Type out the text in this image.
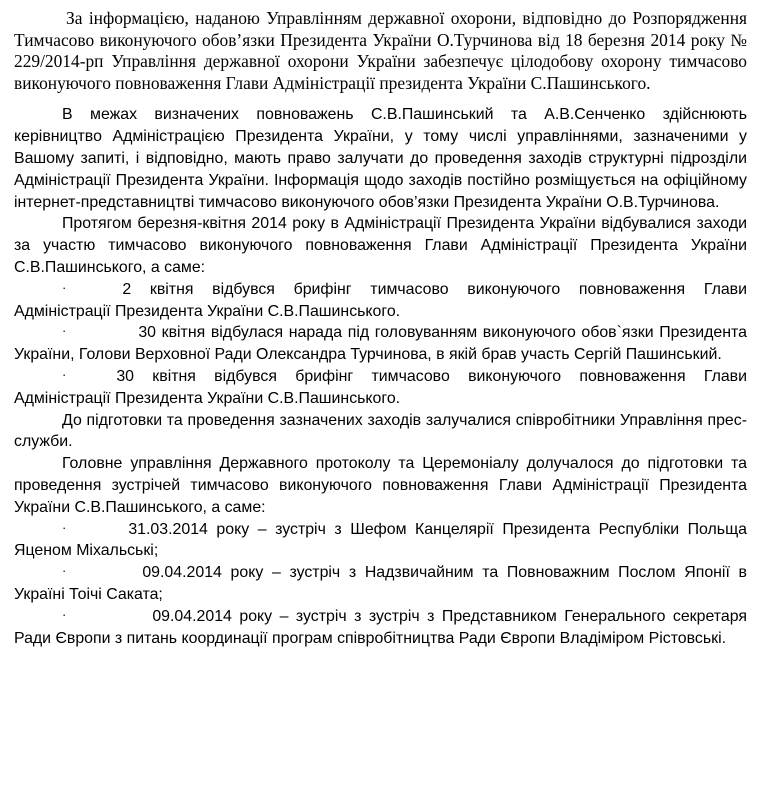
За інформацією, наданою Управлінням державної охорони, відповідно до Розпорядження Тимчасово виконуючого обов’язки Президента України О.Турчинова від 18 березня 2014 року № 229/2014-рп Управління державної охорони України забезпечує цілодобову охорону тимчасово виконуючого повноваження Глави Адміністрації президента України С.Пашинського.

В межах визначених повноважень С.В.Пашинський та А.В.Сенченко здійснюють керівництво Адміністрацією Президента України, у тому числі управліннями, зазначеними у Вашому запиті, і відповідно, мають право залучати до проведення заходів структурні підрозділи Адміністрації Президента України. Інформація щодо заходів постійно розміщується на офіційному інтернет-представництві тимчасово виконуючого обов’язки Президента України О.В.Турчинова.

Протягом березня-квітня 2014 року в Адміністрації Президента України відбувалися заходи за участю тимчасово виконуючого повноваження Глави Адміністрації Президента України С.В.Пашинського, а саме:

·	2 квітня відбувся брифінг тимчасово виконуючого повноваження Глави Адміністрації Президента України С.В.Пашинського.

·	30 квітня відбулася нарада під головуванням виконуючого обов`язки Президента України, Голови Верховної Ради Олександра Турчинова, в якій брав участь Сергій Пашинський.

·	30 квітня відбувся брифінг тимчасово виконуючого повноваження Глави Адміністрації Президента України С.В.Пашинського.

До підготовки та проведення зазначених заходів залучалися співробітники Управління прес-служби.

Головне управління Державного протоколу та Церемоніалу долучалося до підготовки та проведення зустрічей тимчасово виконуючого повноваження Глави Адміністрації Президента України С.В.Пашинського, а саме:

·	31.03.2014 року – зустріч з Шефом Канцелярії Президента Республіки Польща Яценом Міхальські;

·	09.04.2014 року – зустріч з Надзвичайним та Повноважним Послом Японії в Україні Тоічі Саката;

·	09.04.2014 року – зустріч з зустріч з Представником Генерального секретаря Ради Європи з питань координації програм співробітництва Ради Європи Владіміром Рістовські.
